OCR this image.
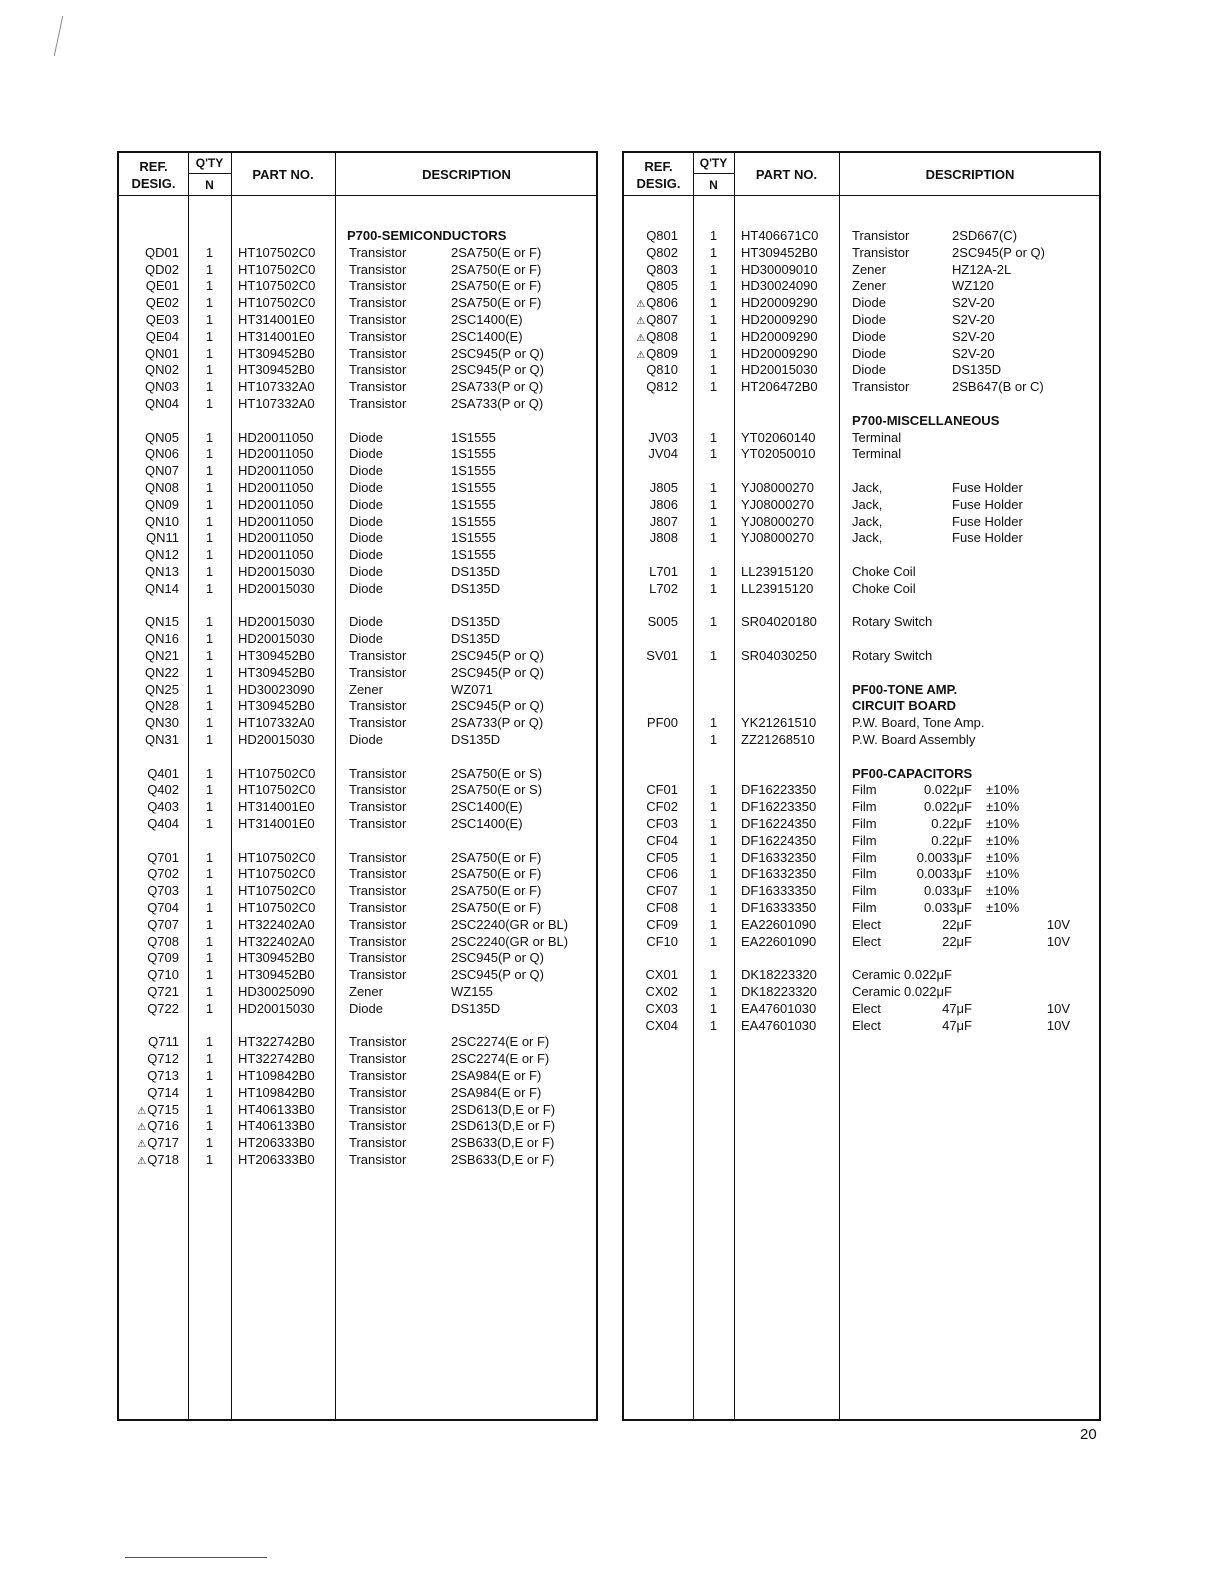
REF.
DESIG.
Q'TY
N
PART NO.	DESCRIPTION
P700-SEMICONDUCTORS
QD01	1	HT107502C0	Transistor	2SA750(E or F)
QD02	1	HT107502C0	Transistor	2SA750(E or F)
QE01	1	HT107502C0	Transistor	2SA750(E or F)
QE02	1	HT107502C0	Transistor	2SA750(E or F)
QE03	1	HT314001E0	Transistor	2SC1400(E)
QE04	1	HT314001E0	Transistor	2SC1400(E)
QN01	1	HT309452B0	Transistor	2SC945(P or Q)
QN02	1	HT309452B0	Transistor	2SC945(P or Q)
QN03	1	HT107332A0	Transistor	2SA733(P or Q)
QN04	1	HT107332A0	Transistor	2SA733(P or Q)
QN05	1	HD20011050	Diode	1S1555
QN06	1	HD20011050	Diode	1S1555
QN07	1	HD20011050	Diode	1S1555
QN08	1	HD20011050	Diode	1S1555
QN09	1	HD20011050	Diode	1S1555
QN10	1	HD20011050	Diode	1S1555
QN11	1	HD20011050	Diode	1S1555
QN12	1	HD20011050	Diode	1S1555
QN13	1	HD20015030	Diode	DS135D
QN14	1	HD20015030	Diode	DS135D
QN15	1	HD20015030	Diode	DS135D
QN16	1	HD20015030	Diode	DS135D
QN21	1	HT309452B0	Transistor	2SC945(P or Q)
QN22	1	HT309452B0	Transistor	2SC945(P or Q)
QN25	1	HD30023090	Zener	WZ071
QN28	1	HT309452B0	Transistor	2SC945(P or Q)
QN30	1	HT107332A0	Transistor	2SA733(P or Q)
QN31	1	HD20015030	Diode	DS135D
Q401	1	HT107502C0	Transistor	2SA750(E or S)
Q402	1	HT107502C0	Transistor	2SA750(E or S)
Q403	1	HT314001E0	Transistor	2SC1400(E)
Q404	1	HT314001E0	Transistor	2SC1400(E)
Q701	1	HT107502C0	Transistor	2SA750(E or F)
Q702	1	HT107502C0	Transistor	2SA750(E or F)
Q703	1	HT107502C0	Transistor	2SA750(E or F)
Q704	1	HT107502C0	Transistor	2SA750(E or F)
Q707	1	HT322402A0	Transistor	2SC2240(GR or BL)
Q708	1	HT322402A0	Transistor	2SC2240(GR or BL)
Q709	1	HT309452B0	Transistor	2SC945(P or Q)
Q710	1	HT309452B0	Transistor	2SC945(P or Q)
Q721	1	HD30025090	Zener	WZ155
Q722	1	HD20015030	Diode	DS135D
Q711	1	HT322742B0	Transistor	2SC2274(E or F)
Q712	1	HT322742B0	Transistor	2SC2274(E or F)
Q713	1	HT109842B0	Transistor	2SA984(E or F)
Q714	1	HT109842B0	Transistor	2SA984(E or F)
⚠Q715	1	HT406133B0	Transistor	2SD613(D,E or F)
⚠Q716	1	HT406133B0	Transistor	2SD613(D,E or F)
⚠Q717	1	HT206333B0	Transistor	2SB633(D,E or F)
⚠Q718	1	HT206333B0	Transistor	2SB633(D,E or F)
REF.
DESIG.
Q'TY
N
PART NO.	DESCRIPTION
Q801	1	HT406671C0	Transistor	2SD667(C)
Q802	1	HT309452B0	Transistor	2SC945(P or Q)
Q803	1	HD30009010	Zener	HZ12A-2L
Q805	1	HD30024090	Zener	WZ120
⚠Q806	1	HD20009290	Diode	S2V-20
⚠Q807	1	HD20009290	Diode	S2V-20
⚠Q808	1	HD20009290	Diode	S2V-20
⚠Q809	1	HD20009290	Diode	S2V-20
Q810	1	HD20015030	Diode	DS135D
Q812	1	HT206472B0	Transistor	2SB647(B or C)
P700-MISCELLANEOUS
JV03	1	YT02060140	Terminal
JV04	1	YT02050010	Terminal
J805	1	YJ08000270	Jack,	Fuse Holder
J806	1	YJ08000270	Jack,	Fuse Holder
J807	1	YJ08000270	Jack,	Fuse Holder
J808	1	YJ08000270	Jack,	Fuse Holder
L701	1	LL23915120	Choke Coil
L702	1	LL23915120	Choke Coil
S005	1	SR04020180	Rotary Switch
SV01	1	SR04030250	Rotary Switch
PF00-TONE AMP.
CIRCUIT BOARD
PF00	1	YK21261510	P.W. Board, Tone Amp.
1	ZZ21268510	P.W. Board Assembly
PF00-CAPACITORS
CF01	1	DF16223350	Film	0.022μF ±10%
CF02	1	DF16223350	Film	0.022μF ±10%
CF03	1	DF16224350	Film	0.22μF ±10%
CF04	1	DF16224350	Film	0.22μF ±10%
CF05	1	DF16332350	Film	0.0033μF ±10%
CF06	1	DF16332350	Film	0.0033μF ±10%
CF07	1	DF16333350	Film	0.033μF ±10%
CF08	1	DF16333350	Film	0.033μF ±10%
CF09	1	EA22601090	Elect	22μF	10V
CF10	1	EA22601090	Elect	22μF	10V
CX01	1	DK18223320	Ceramic 0.022μF
CX02	1	DK18223320	Ceramic 0.022μF
CX03	1	EA47601030	Elect	47μF	10V
CX04	1	EA47601030	Elect	47μF	10V
20
